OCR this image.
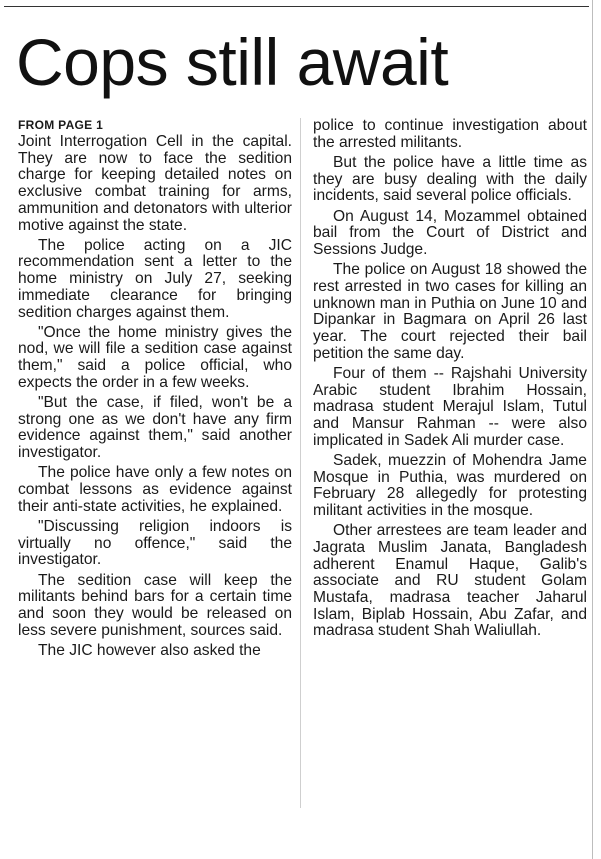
Cops still await
FROM PAGE 1

Joint Interrogation Cell in the capital. They are now to face the sedition charge for keeping detailed notes on exclusive combat training for arms, ammunition and detonators with ulterior motive against the state.

The police acting on a JIC recommendation sent a letter to the home ministry on July 27, seeking immediate clearance for bringing sedition charges against them.

"Once the home ministry gives the nod, we will file a sedition case against them," said a police official, who expects the order in a few weeks.

"But the case, if filed, won't be a strong one as we don't have any firm evidence against them," said another investigator.

The police have only a few notes on combat lessons as evidence against their anti-state activities, he explained.

"Discussing religion indoors is virtually no offence," said the investigator.

The sedition case will keep the militants behind bars for a certain time and soon they would be released on less severe punishment, sources said.

The JIC however also asked the

police to continue investigation about the arrested militants.

But the police have a little time as they are busy dealing with the daily incidents, said several police officials.

On August 14, Mozammel obtained bail from the Court of District and Sessions Judge.

The police on August 18 showed the rest arrested in two cases for killing an unknown man in Puthia on June 10 and Dipankar in Bagmara on April 26 last year. The court rejected their bail petition the same day.

Four of them -- Rajshahi University Arabic student Ibrahim Hossain, madrasa student Merajul Islam, Tutul and Mansur Rahman -- were also implicated in Sadek Ali murder case.

Sadek, muezzin of Mohendra Jame Mosque in Puthia, was murdered on February 28 allegedly for protesting militant activities in the mosque.

Other arrestees are team leader and Jagrata Muslim Janata, Bangladesh adherent Enamul Haque, Galib's associate and RU student Golam Mustafa, madrasa teacher Jaharul Islam, Biplab Hossain, Abu Zafar, and madrasa student Shah Waliullah.
